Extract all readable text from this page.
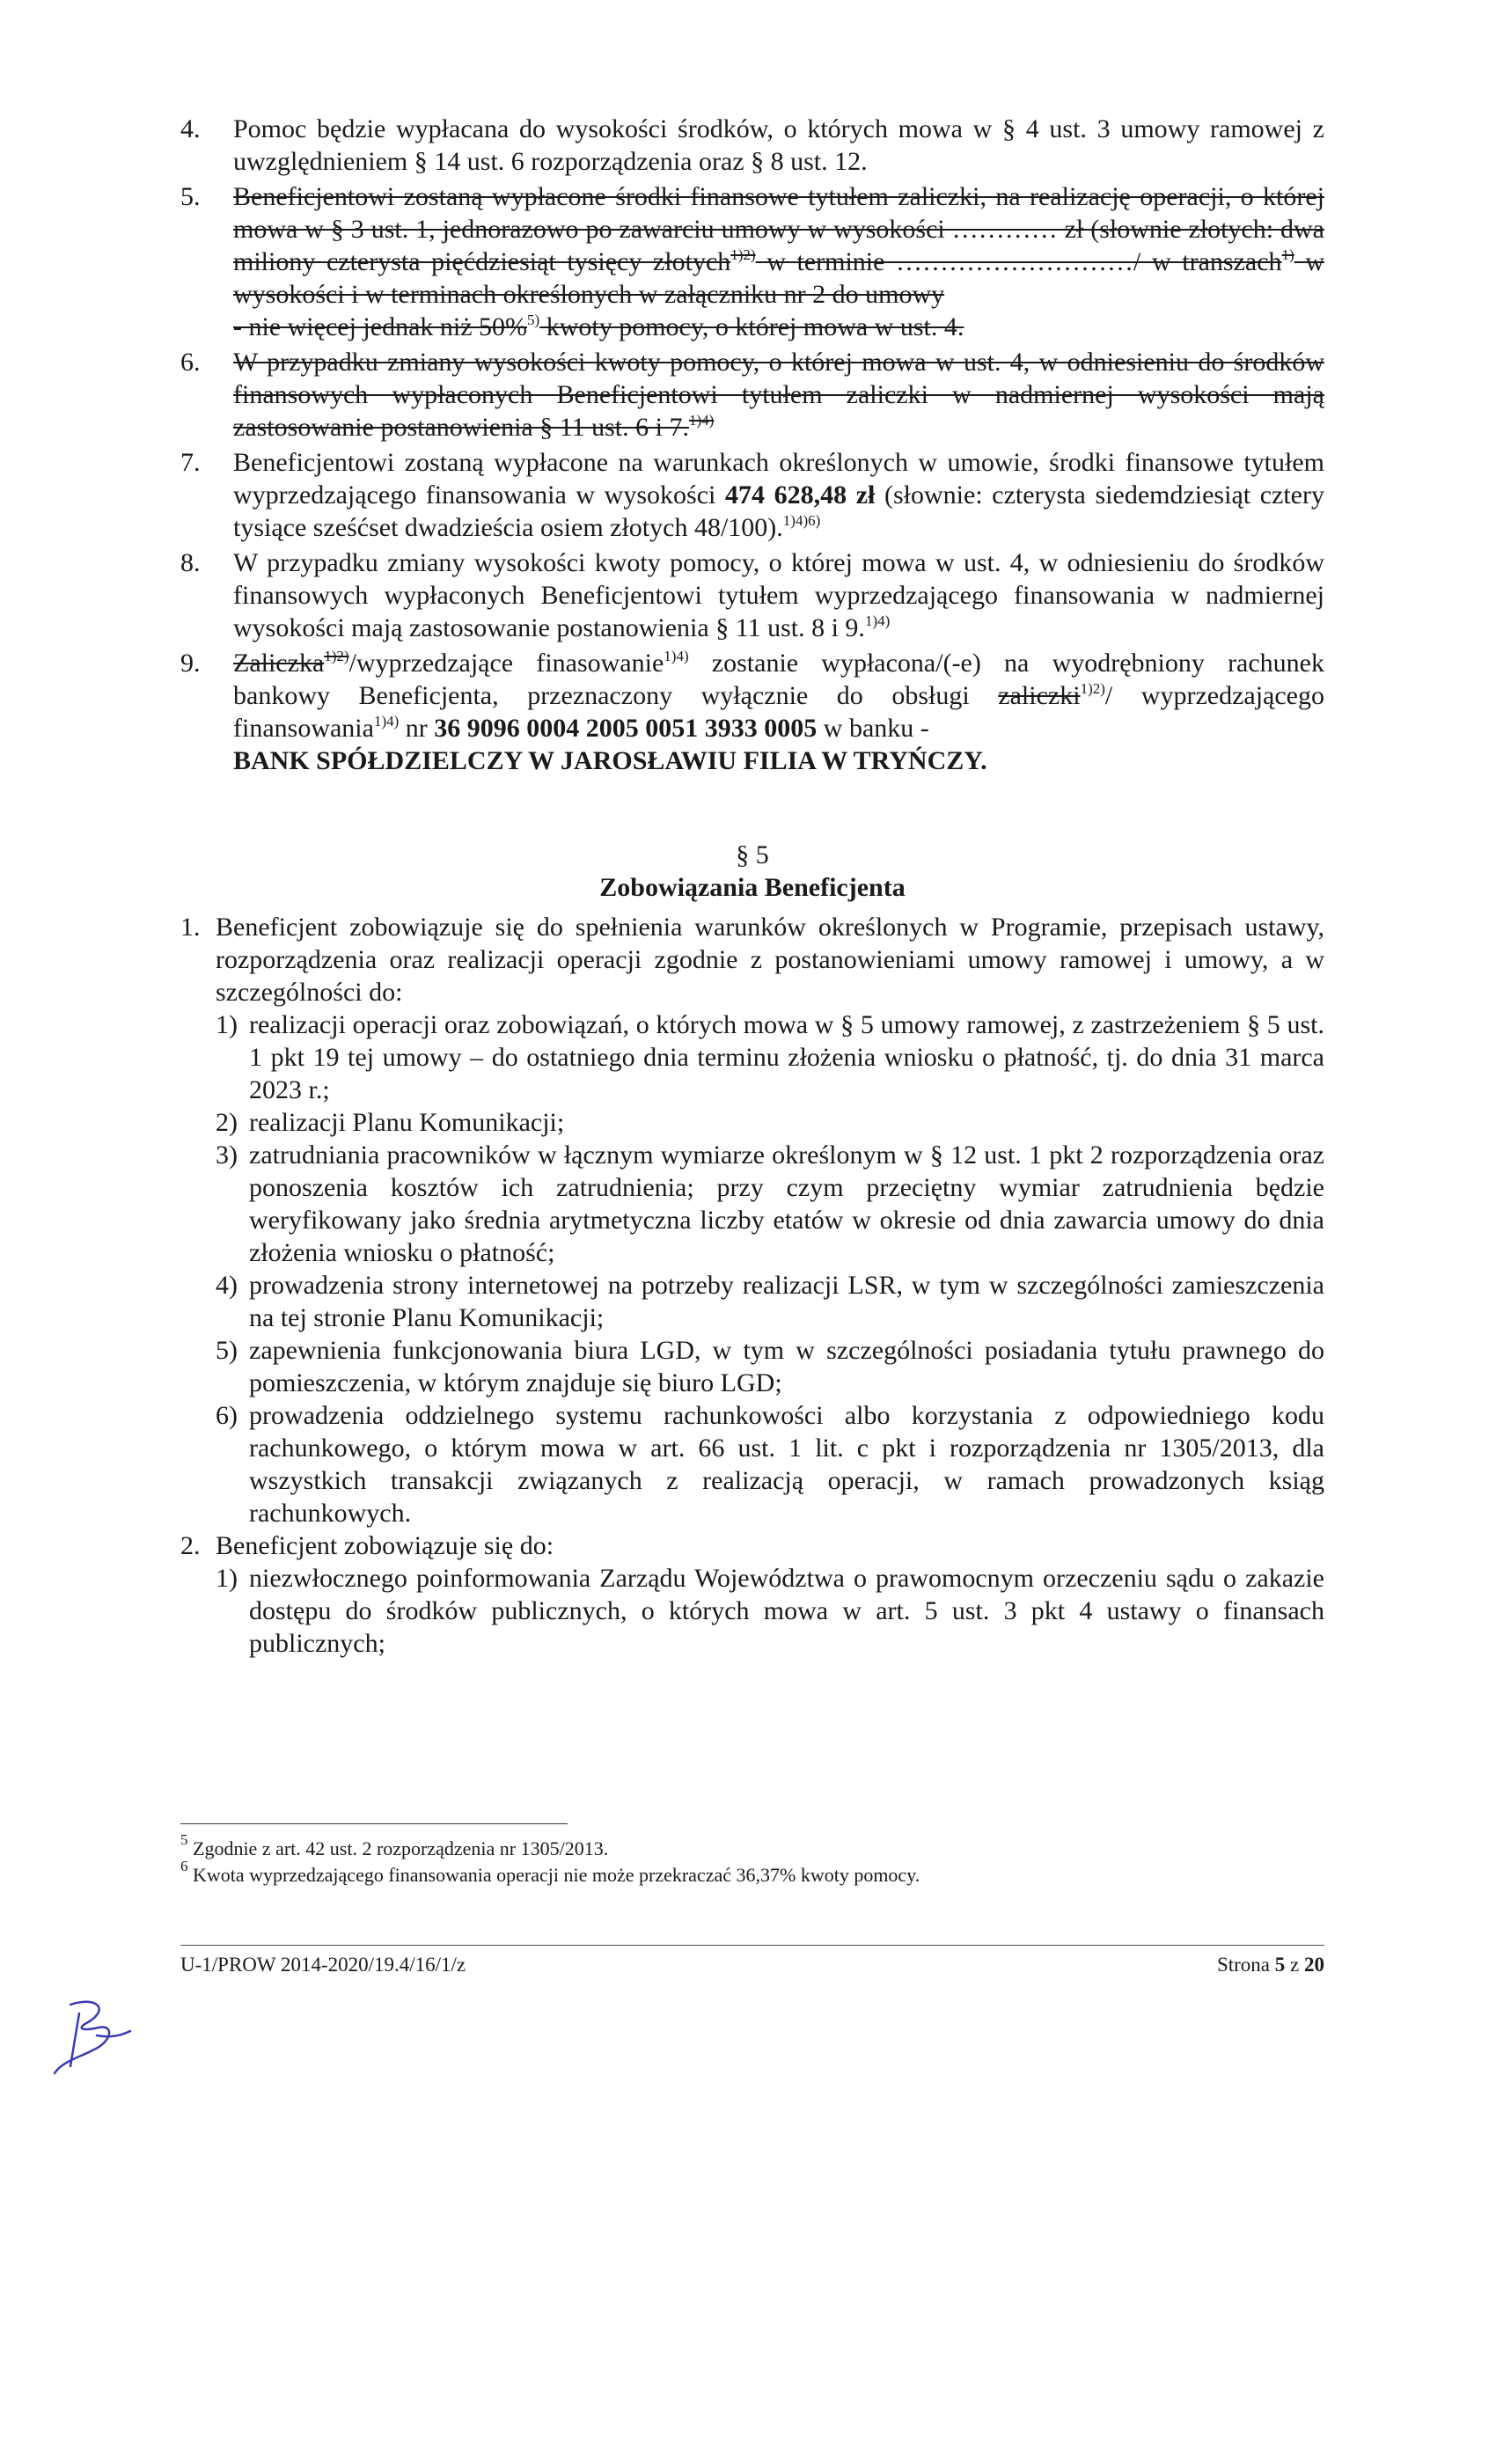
4. Pomoc będzie wypłacana do wysokości środków, o których mowa w § 4 ust. 3 umowy ramowej z uwzględnieniem § 14 ust. 6 rozporządzenia oraz § 8 ust. 12.
5. Beneficjentowi zostaną wypłacone środki finansowe tytułem zaliczki, na realizację operacji, o której mowa w § 3 ust. 1, jednorazowo po zawarciu umowy w wysokości ………… zł (słownie złotych: dwa miliony czterysta pięćdziesiąt tysięcy złotych$^{1)2)}$ w terminie ………………………/ w transzach$^{1)}$ w wysokości i w terminach określonych w załączniku nr 2 do umowy
- nie więcej jednak niż 50%$^{5)}$ kwoty pomocy, o której mowa w ust. 4.
6. W przypadku zmiany wysokości kwoty pomocy, o której mowa w ust. 4, w odniesieniu do środków finansowych wypłaconych Beneficjentowi tytułem zaliczki w nadmiernej wysokości mają zastosowanie postanowienia § 11 ust. 6 i 7.$^{1)4)}$
7. Beneficjentowi zostaną wypłacone na warunkach określonych w umowie, środki finansowe tytułem wyprzedzającego finansowania w wysokości 474 628,48 zł (słownie: czterysta siedemdziesiąt cztery tysiące sześćset dwadzieścia osiem złotych 48/100).$^{1)4)6)}$
8. W przypadku zmiany wysokości kwoty pomocy, o której mowa w ust. 4, w odniesieniu do środków finansowych wypłaconych Beneficjentowi tytułem wyprzedzającego finansowania w nadmiernej wysokości mają zastosowanie postanowienia § 11 ust. 8 i 9.$^{1)4)}$
9. Zaliczka$^{1)2)}$/wyprzedzające finasowanie$^{1)4)}$ zostanie wypłacona/(-e) na wyodrębniony rachunek bankowy Beneficjenta, przeznaczony wyłącznie do obsługi zaliczki$^{1)2)}$/ wyprzedzającego finansowania$^{1)4)}$ nr 36 9096 0004 2005 0051 3933 0005 w banku -
BANK SPÓŁDZIELCZY W JAROSŁAWIU FILIA W TRYŃCZY.
§ 5
Zobowiązania Beneficjenta
1. Beneficjent zobowiązuje się do spełnienia warunków określonych w Programie, przepisach ustawy, rozporządzenia oraz realizacji operacji zgodnie z postanowieniami umowy ramowej i umowy, a w szczególności do:
1) realizacji operacji oraz zobowiązań, o których mowa w § 5 umowy ramowej, z zastrzeżeniem § 5 ust. 1 pkt 19 tej umowy – do ostatniego dnia terminu złożenia wniosku o płatność, tj. do dnia 31 marca 2023 r.;
2) realizacji Planu Komunikacji;
3) zatrudniania pracowników w łącznym wymiarze określonym w § 12 ust. 1 pkt 2 rozporządzenia oraz ponoszenia kosztów ich zatrudnienia; przy czym przeciętny wymiar zatrudnienia będzie weryfikowany jako średnia arytmetyczna liczby etatów w okresie od dnia zawarcia umowy do dnia złożenia wniosku o płatność;
4) prowadzenia strony internetowej na potrzeby realizacji LSR, w tym w szczególności zamieszczenia na tej stronie Planu Komunikacji;
5) zapewnienia funkcjonowania biura LGD, w tym w szczególności posiadania tytułu prawnego do pomieszczenia, w którym znajduje się biuro LGD;
6) prowadzenia oddzielnego systemu rachunkowości albo korzystania z odpowiedniego kodu rachunkowego, o którym mowa w art. 66 ust. 1 lit. c pkt i rozporządzenia nr 1305/2013, dla wszystkich transakcji związanych z realizacją operacji, w ramach prowadzonych ksiąg rachunkowych.
2. Beneficjent zobowiązuje się do:
1) niezwłocznego poinformowania Zarządu Województwa o prawomocnym orzeczeniu sądu o zakazie dostępu do środków publicznych, o których mowa w art. 5 ust. 3 pkt 4 ustawy o finansach publicznych;
$^5$ Zgodnie z art. 42 ust. 2 rozporządzenia nr 1305/2013.
$^6$ Kwota wyprzedzającego finansowania operacji nie może przekraczać 36,37% kwoty pomocy.
U-1/PROW 2014-2020/19.4/16/1/z	Strona 5 z 20
